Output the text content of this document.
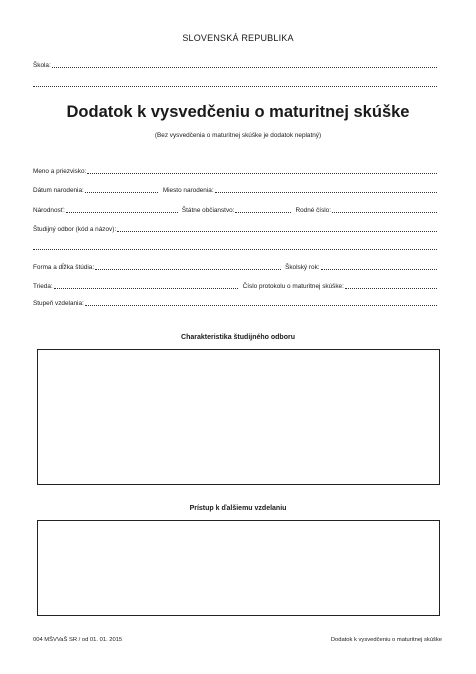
SLOVENSKÁ REPUBLIKA
Škola:
Dodatok k vysvedčeniu o maturitnej skúške
(Bez vysvedčenia o maturitnej skúške je dodatok neplatný)
Meno a priezvisko:
Dátum narodenia:	Miesto narodenia:
Národnosť:	Štátne občianstvo:	Rodné číslo:
Študijný odbor (kód a názov):
Forma a dĺžka štúdia:	Školský rok:
Trieda:	Číslo protokolu o maturitnej skúške:
Stupeň vzdelania:
Charakteristika študijného odboru
Prístup k ďalšiemu vzdelaniu
004 MŠVVaŠ SR / od 01. 01. 2015	Dodatok k vysvedčeniu o maturitnej skúške
